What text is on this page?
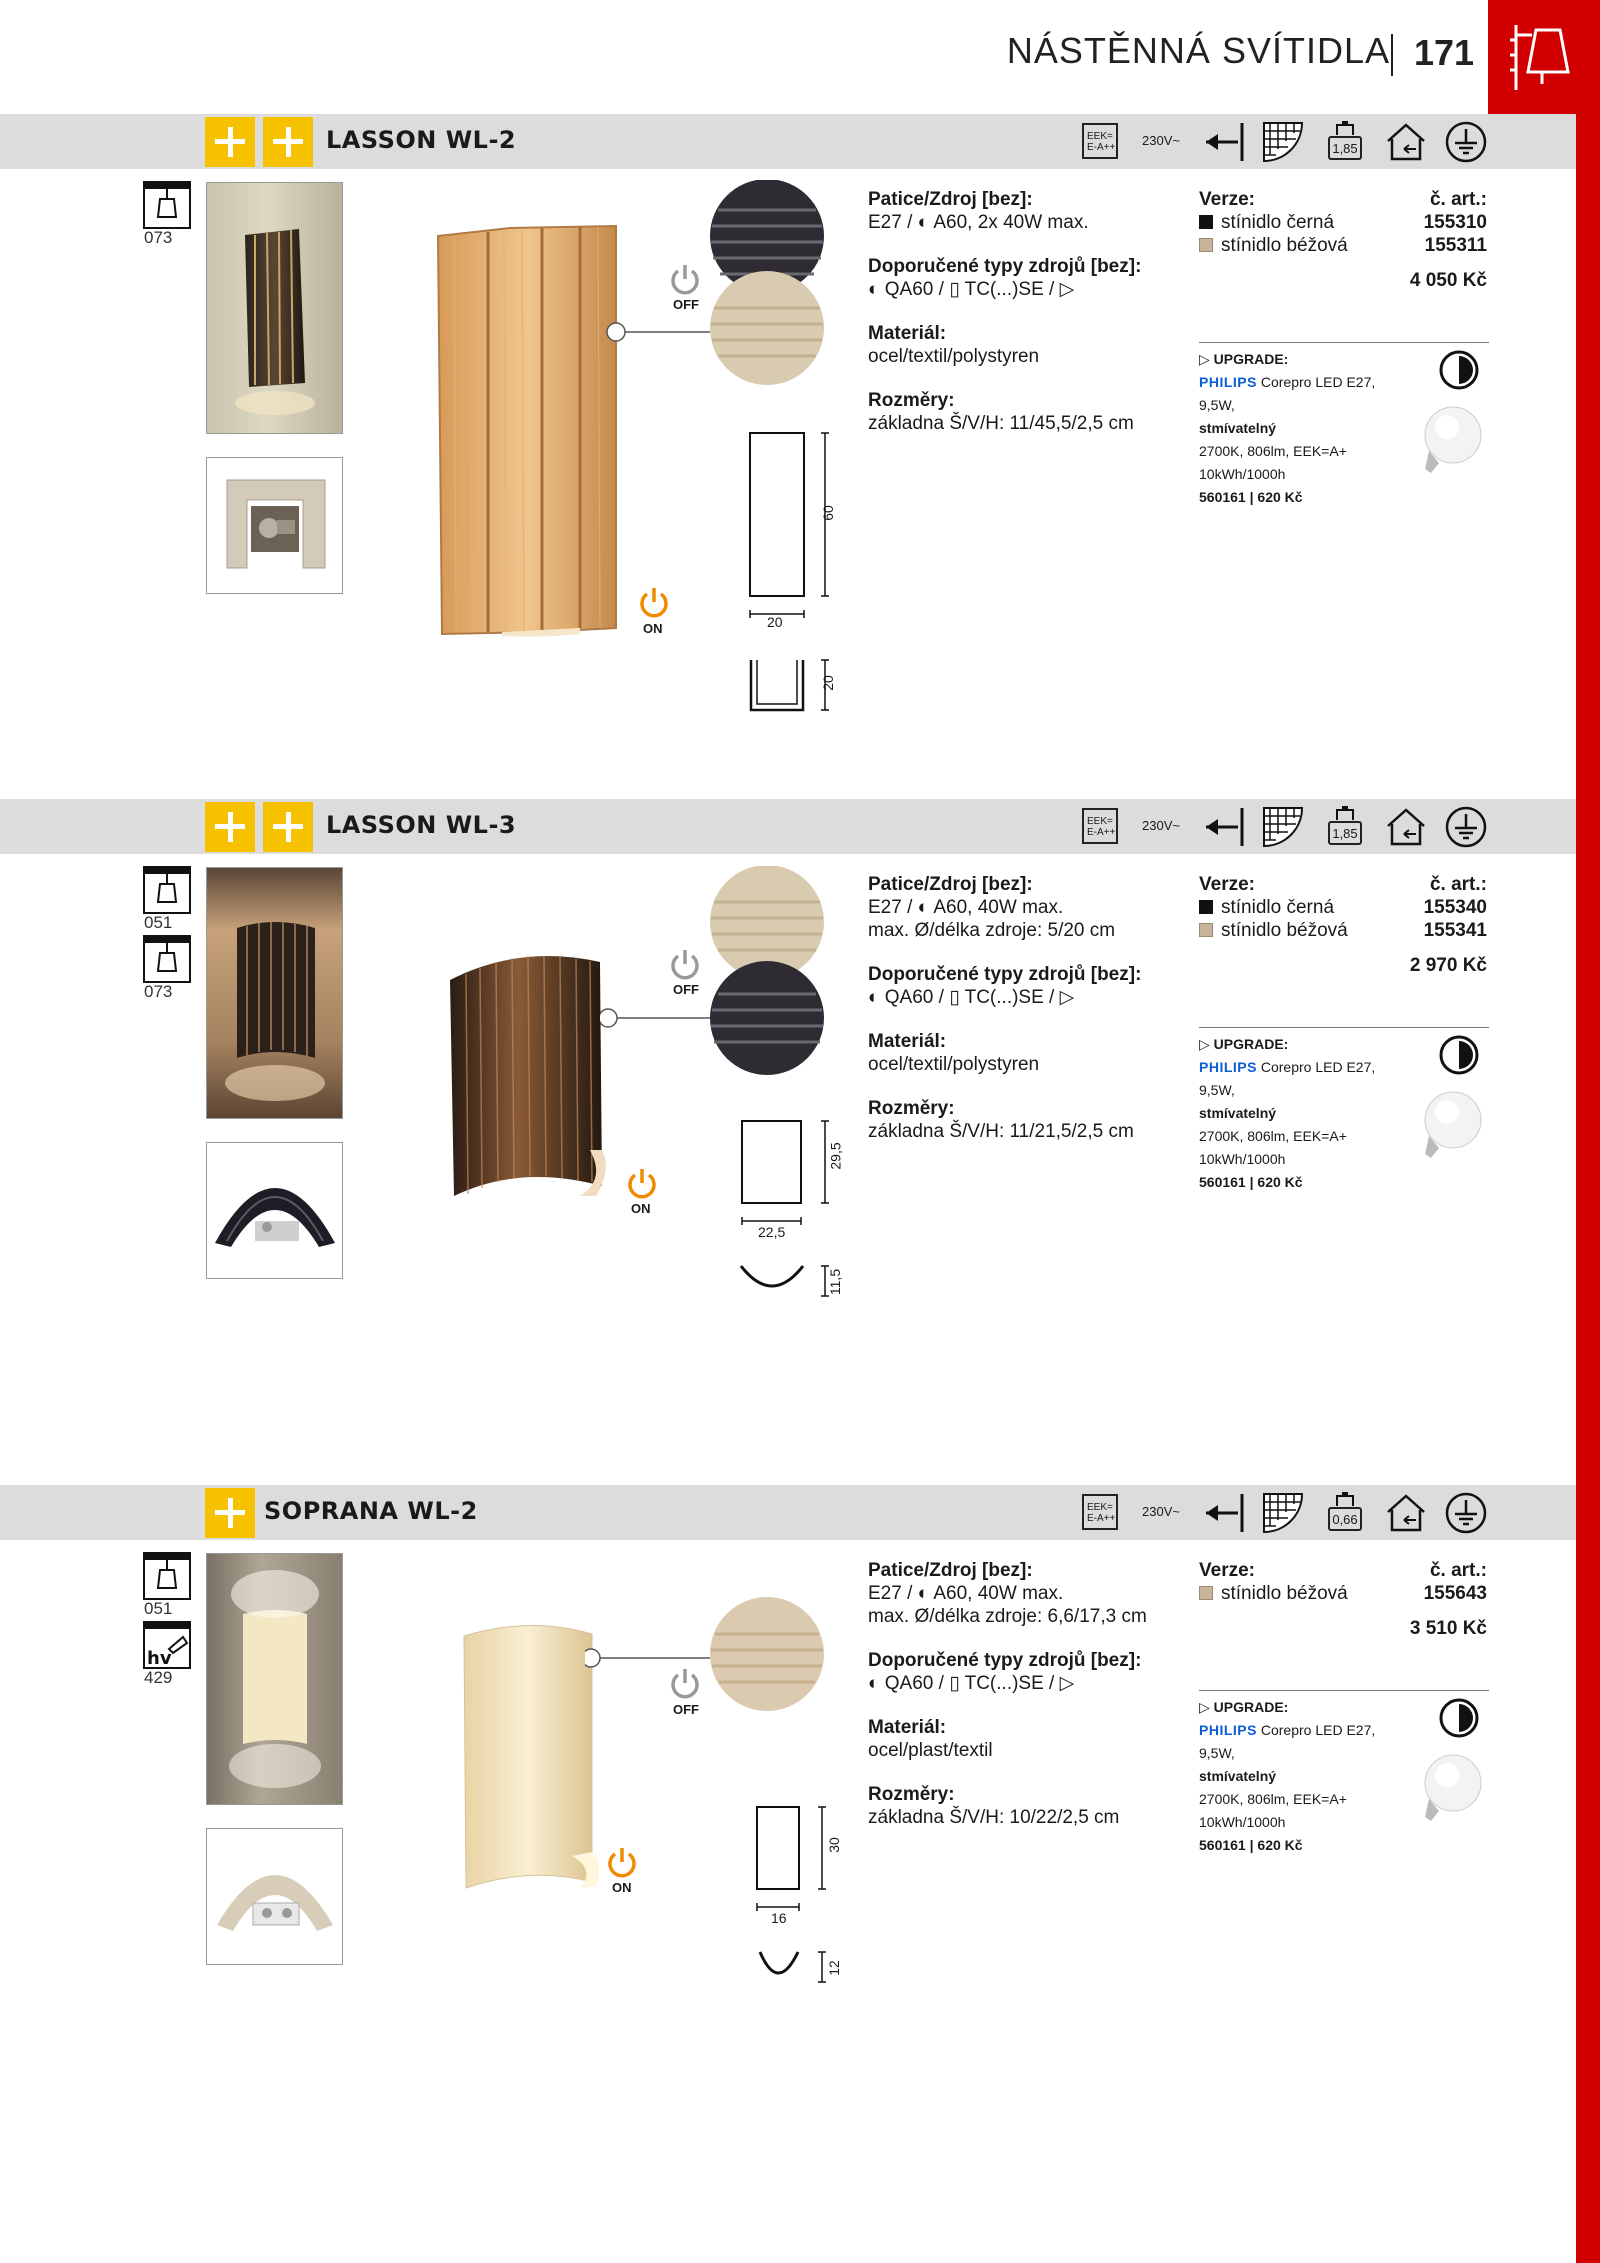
NÁSTĚNNÁ SVÍTIDLA 171
LASSON WL-2	EEK=
E-A++ 230V~
1,85
073
OFF
ON
60
20
20
Patice/Zdroj [bez]:
E27 / ◐ A60, 2x 40W max.
Doporučené typy zdrojů [bez]:
◐ QA60 / ▯ TC(...)SE / ▷
Materiál:
ocel/textil/polystyren
Rozměry:
základna Š/V/H: 11/45,5/2,5 cm
Verze:	č. art.:
stínidlo černá	155310
stínidlo béžová	155311
4 050 Kč
▷ UPGRADE:
PHILIPS Corepro LED E27, 9,5W,
stmívatelný
2700K, 806lm, EEK=A+
10kWh/1000h
560161 | 620 Kč
LASSON WL-3	EEK=
E-A++ 230V~
1,85
051
073	OFF
ON
29,5
22,5
11,5
Patice/Zdroj [bez]:
E27 / ◐ A60, 40W max.
max. Ø/délka zdroje: 5/20 cm
Doporučené typy zdrojů [bez]:
◐ QA60 / ▯ TC(...)SE / ▷
Materiál:
ocel/textil/polystyren
Rozměry:
základna Š/V/H: 11/21,5/2,5 cm
Verze:	č. art.:
stínidlo černá	155340
stínidlo béžová	155341
2 970 Kč
▷ UPGRADE:
PHILIPS Corepro LED E27, 9,5W,
stmívatelný
2700K, 806lm, EEK=A+
10kWh/1000h
560161 | 620 Kč
SOPRANA WL-2	EEK=
E-A++ 230V~
0,66
051
hv
429
OFF
ON
30
16
12
Patice/Zdroj [bez]:
E27 / ◐ A60, 40W max.
max. Ø/délka zdroje: 6,6/17,3 cm
Doporučené typy zdrojů [bez]:
◐ QA60 / ▯ TC(...)SE / ▷
Materiál:
ocel/plast/textil
Rozměry:
základna Š/V/H: 10/22/2,5 cm
Verze:	č. art.:
stínidlo béžová	155643
3 510 Kč
▷ UPGRADE:
PHILIPS Corepro LED E27, 9,5W,
stmívatelný
2700K, 806lm, EEK=A+
10kWh/1000h
560161 | 620 Kč
